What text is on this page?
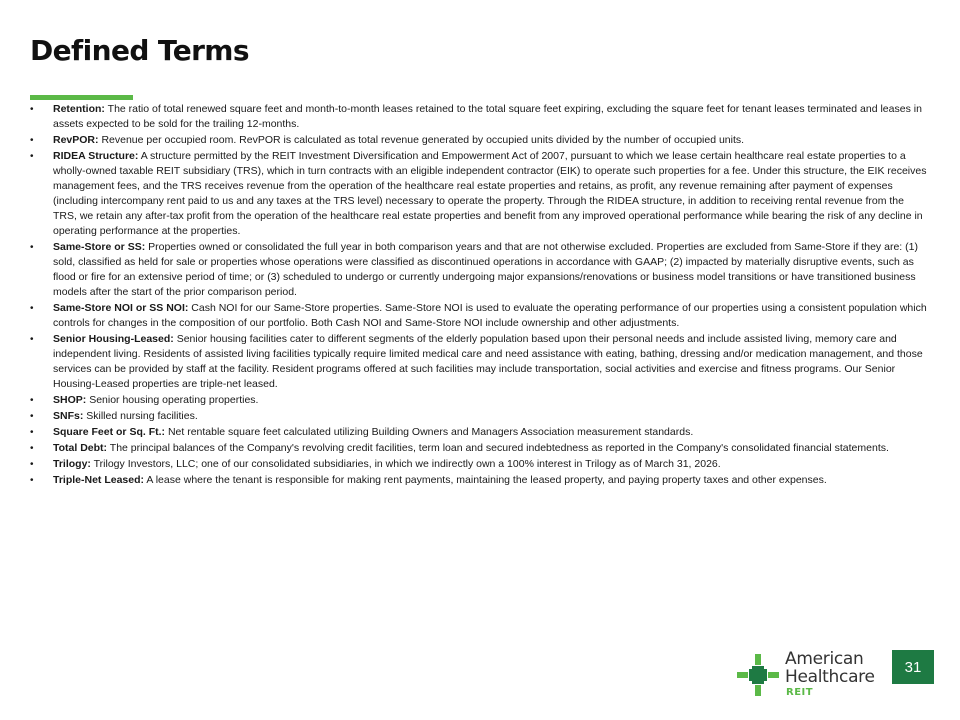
Defined Terms
• Retention: The ratio of total renewed square feet and month-to-month leases retained to the total square feet expiring, excluding the square feet for tenant leases terminated and leases in assets expected to be sold for the trailing 12-months.
• RevPOR: Revenue per occupied room. RevPOR is calculated as total revenue generated by occupied units divided by the number of occupied units.
• RIDEA Structure: A structure permitted by the REIT Investment Diversification and Empowerment Act of 2007, pursuant to which we lease certain healthcare real estate properties to a wholly-owned taxable REIT subsidiary (TRS), which in turn contracts with an eligible independent contractor (EIK) to operate such properties for a fee. Under this structure, the EIK receives management fees, and the TRS receives revenue from the operation of the healthcare real estate properties and retains, as profit, any revenue remaining after payment of expenses (including intercompany rent paid to us and any taxes at the TRS level) necessary to operate the property. Through the RIDEA structure, in addition to receiving rental revenue from the TRS, we retain any after-tax profit from the operation of the healthcare real estate properties and benefit from any improved operational performance while bearing the risk of any decline in operating performance at the properties.
• Same-Store or SS: Properties owned or consolidated the full year in both comparison years and that are not otherwise excluded. Properties are excluded from Same-Store if they are: (1) sold, classified as held for sale or properties whose operations were classified as discontinued operations in accordance with GAAP; (2) impacted by materially disruptive events, such as flood or fire for an extensive period of time; or (3) scheduled to undergo or currently undergoing major expansions/renovations or business model transitions or have transitioned business models after the start of the prior comparison period.
• Same-Store NOI or SS NOI: Cash NOI for our Same-Store properties. Same-Store NOI is used to evaluate the operating performance of our properties using a consistent population which controls for changes in the composition of our portfolio. Both Cash NOI and Same-Store NOI include ownership and other adjustments.
• Senior Housing-Leased: Senior housing facilities cater to different segments of the elderly population based upon their personal needs and include assisted living, memory care and independent living. Residents of assisted living facilities typically require limited medical care and need assistance with eating, bathing, dressing and/or medication management, and those services can be provided by staff at the facility. Resident programs offered at such facilities may include transportation, social activities and exercise and fitness programs. Our Senior Housing-Leased properties are triple-net leased.
• SHOP: Senior housing operating properties.
• SNFs: Skilled nursing facilities.
• Square Feet or Sq. Ft.: Net rentable square feet calculated utilizing Building Owners and Managers Association measurement standards.
• Total Debt: The principal balances of the Company's revolving credit facilities, term loan and secured indebtedness as reported in the Company's consolidated financial statements.
• Trilogy: Trilogy Investors, LLC; one of our consolidated subsidiaries, in which we indirectly own a 100% interest in Trilogy as of March 31, 2026.
• Triple-Net Leased: A lease where the tenant is responsible for making rent payments, maintaining the leased property, and paying property taxes and other expenses.
American
Healthcare
REIT
31
